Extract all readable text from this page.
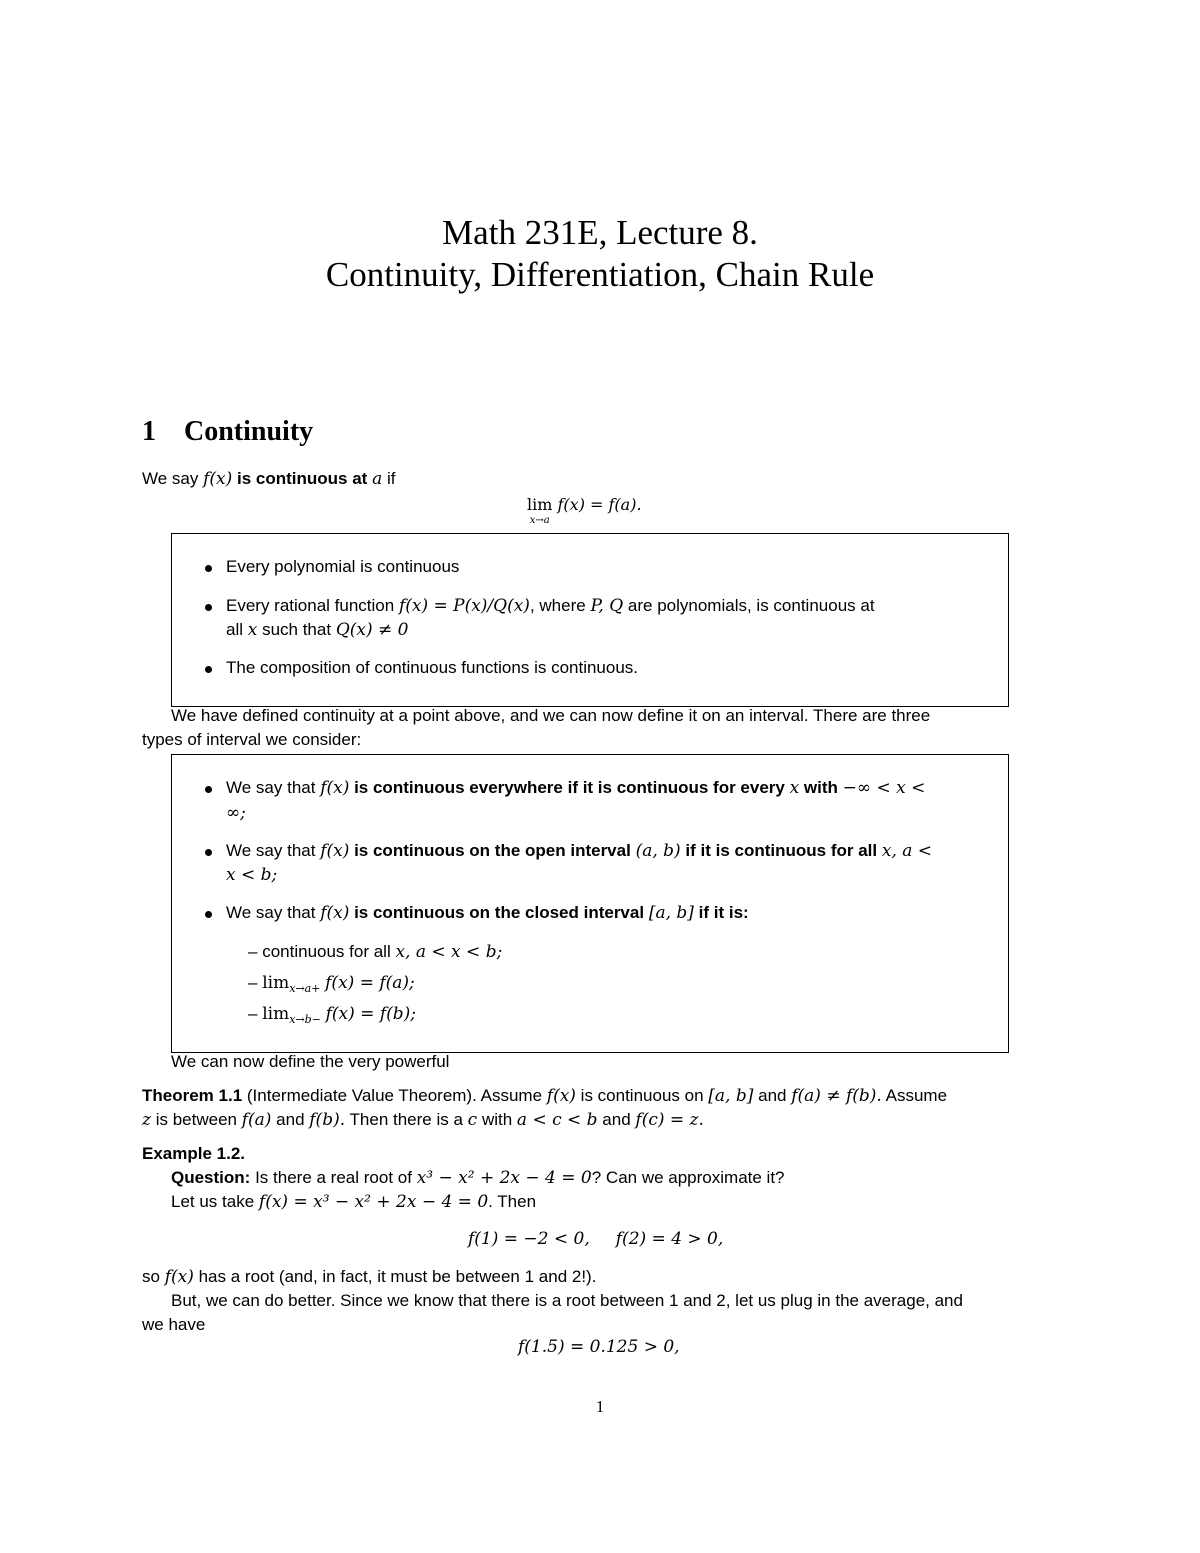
Math 231E, Lecture 8.
Continuity, Differentiation, Chain Rule
1 Continuity
We say f(x) is continuous at a if
lim
$^{x\to a}$ f(x) = f(a).
Every polynomial is continuous
Every rational function f(x) = P(x)/Q(x), where P, Q are polynomials, is continuous at
all x such that Q(x) ≠ 0
The composition of continuous functions is continuous.
We have defined continuity at a point above, and we can now define it on an interval. There are three
types of interval we consider:
We say that f(x) is continuous everywhere if it is continuous for every x with −∞ < x <
∞;
We say that f(x) is continuous on the open interval (a, b) if it is continuous for all x, a <
x < b;
We say that f(x) is continuous on the closed interval [a, b] if it is:
– continuous for all x, a < x < b;
– $\lim_{x\to a+} f(x) = f(a)$;
– $\lim_{x\to b-} f(x) = f(b)$;
We can now define the very powerful
Theorem 1.1 (Intermediate Value Theorem). Assume f(x) is continuous on [a, b] and f(a) ≠ f(b). Assume
z is between f(a) and f(b). Then there is a c with a < c < b and f(c) = z.
Example 1.2.
Question: Is there a real root of x³ − x² + 2x − 4 = 0? Can we approximate it?
Let us take f(x) = x³ − x² + 2x − 4 = 0. Then
f(1) = −2 < 0, f(2) = 4 > 0,
so f(x) has a root (and, in fact, it must be between 1 and 2!).
But, we can do better. Since we know that there is a root between 1 and 2, let us plug in the average, and
we have
f(1.5) = 0.125 > 0,
1
